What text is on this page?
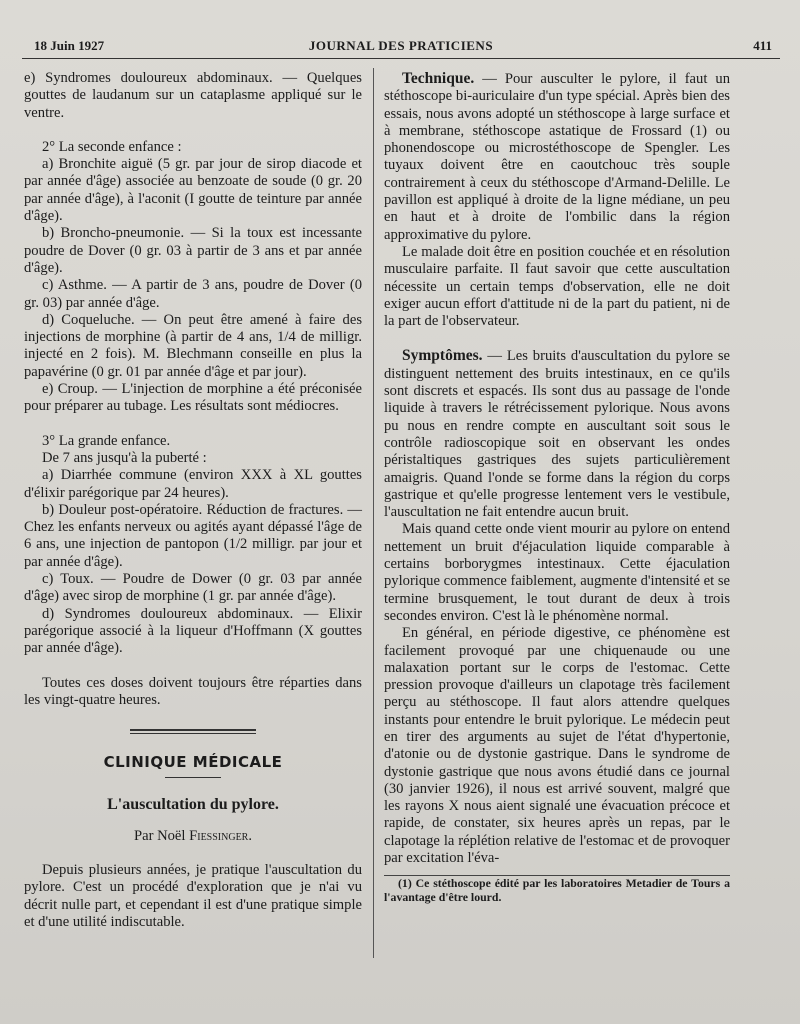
18 Juin 1927	JOURNAL DES PRATICIENS	411

e) Syndromes douloureux abdominaux. — Quelques gouttes de laudanum sur un cataplasme appliqué sur le ventre.

2° La seconde enfance :

a) Bronchite aiguë (5 gr. par jour de sirop diacode et par année d'âge) associée au benzoate de soude (0 gr. 20 par année d'âge), à l'aconit (I goutte de teinture par année d'âge).

b) Broncho-pneumonie. — Si la toux est incessante poudre de Dover (0 gr. 03 à partir de 3 ans et par année d'âge).

c) Asthme. — A partir de 3 ans, poudre de Dover (0 gr. 03) par année d'âge.

d) Coqueluche. — On peut être amené à faire des injections de morphine (à partir de 4 ans, 1/4 de milligr. injecté en 2 fois). M. Blechmann conseille en plus la papavérine (0 gr. 01 par année d'âge et par jour).

e) Croup. — L'injection de morphine a été préconisée pour préparer au tubage. Les résultats sont médiocres.

3° La grande enfance.

De 7 ans jusqu'à la puberté :

a) Diarrhée commune (environ XXX à XL gouttes d'élixir parégorique par 24 heures).

b) Douleur post-opératoire. Réduction de fractures. — Chez les enfants nerveux ou agités ayant dépassé l'âge de 6 ans, une injection de pantopon (1/2 milligr. par jour et par année d'âge).

c) Toux. — Poudre de Dower (0 gr. 03 par année d'âge) avec sirop de morphine (1 gr. par année d'âge).

d) Syndromes douloureux abdominaux. — Elixir parégorique associé à la liqueur d'Hoffmann (X gouttes par année d'âge).

Toutes ces doses doivent toujours être réparties dans les vingt-quatre heures.

CLINIQUE MÉDICALE
L'auscultation du pylore.
Par Noël Fiessinger.

Depuis plusieurs années, je pratique l'auscultation du pylore. C'est un procédé d'exploration que je n'ai vu décrit nulle part, et cependant il est d'une pratique simple et d'une utilité indiscutable.

Technique. — Pour ausculter le pylore, il faut un stéthoscope bi-auriculaire d'un type spécial. Après bien des essais, nous avons adopté un stéthoscope à large surface et à membrane, stéthoscope astatique de Frossard (1) ou phonendoscope ou microstéthoscope de Spengler. Les tuyaux doivent être en caoutchouc très souple contrairement à ceux du stéthoscope d'Armand-Delille. Le pavillon est appliqué à droite de la ligne médiane, un peu en haut et à droite de l'ombilic dans la région approximative du pylore.

Le malade doit être en position couchée et en résolution musculaire parfaite. Il faut savoir que cette auscultation nécessite un certain temps d'observation, elle ne doit exiger aucun effort d'attitude ni de la part du patient, ni de la part de l'observateur.

Symptômes. — Les bruits d'auscultation du pylore se distinguent nettement des bruits intestinaux, en ce qu'ils sont discrets et espacés. Ils sont dus au passage de l'onde liquide à travers le rétrécissement pylorique. Nous avons pu nous en rendre compte en auscultant soit sous le contrôle radioscopique soit en observant les ondes péristaltiques gastriques des sujets particulièrement amaigris. Quand l'onde se forme dans la région du corps gastrique et qu'elle progresse lentement vers le vestibule, l'auscultation ne fait entendre aucun bruit.

Mais quand cette onde vient mourir au pylore on entend nettement un bruit d'éjaculation liquide comparable à certains borborygmes intestinaux. Cette éjaculation pylorique commence faiblement, augmente d'intensité et se termine brusquement, le tout durant de deux à trois secondes environ. C'est là le phénomène normal.

En général, en période digestive, ce phénomène est facilement provoqué par une chiquenaude ou une malaxation portant sur le corps de l'estomac. Cette pression provoque d'ailleurs un clapotage très facilement perçu au stéthoscope. Il faut alors attendre quelques instants pour entendre le bruit pylorique. Le médecin peut en tirer des arguments au sujet de l'état d'hypertonie, d'atonie ou de dystonie gastrique. Dans le syndrome de dystonie gastrique que nous avons étudié dans ce journal (30 janvier 1926), il nous est arrivé souvent, malgré que les rayons X nous aient signalé une évacuation précoce et rapide, de constater, six heures après un repas, par le clapotage la réplétion relative de l'estomac et de provoquer par excitation l'éva-

(1) Ce stéthoscope édité par les laboratoires Metadier de Tours a l'avantage d'être lourd.
